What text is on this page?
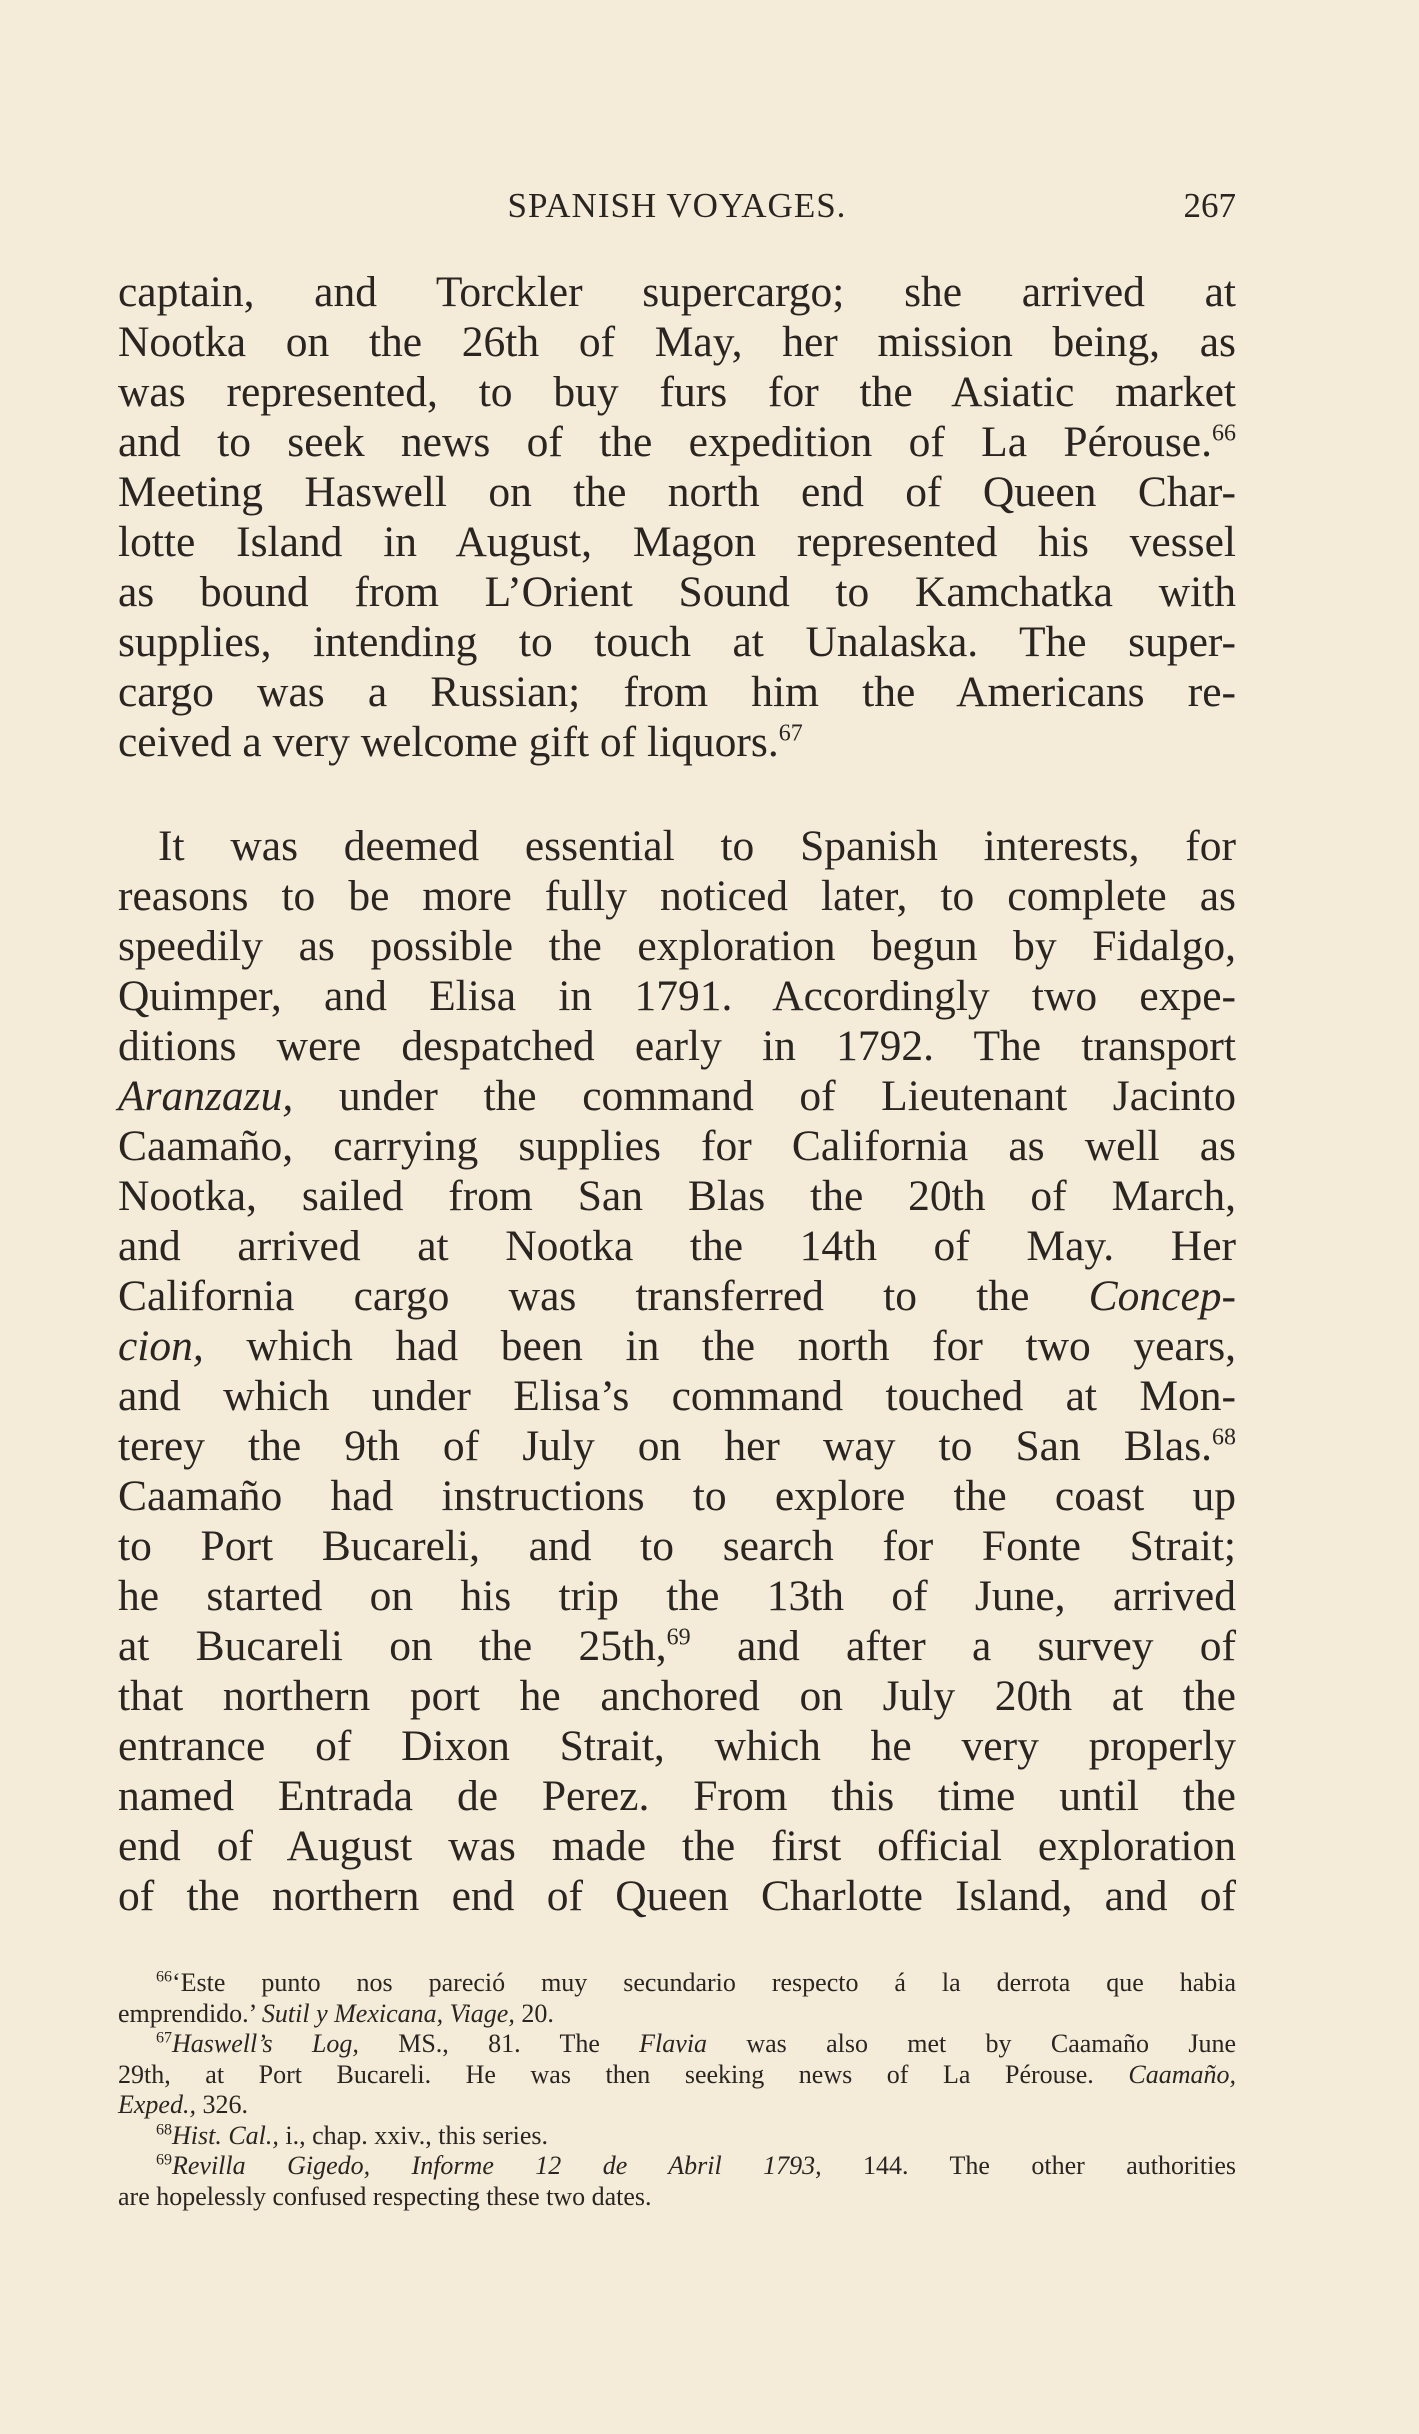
SPANISH VOYAGES.	267
captain, and Torckler supercargo; she arrived at
Nootka on the 26th of May, her mission being, as
was represented, to buy furs for the Asiatic market
and to seek news of the expedition of La Pérouse.$^{66}$
Meeting Haswell on the north end of Queen Char-
lotte Island in August, Magon represented his vessel
as bound from L’Orient Sound to Kamchatka with
supplies, intending to touch at Unalaska. The super-
cargo was a Russian; from him the Americans re-
ceived a very welcome gift of liquors.$^{67}$
It was deemed essential to Spanish interests, for
reasons to be more fully noticed later, to complete as
speedily as possible the exploration begun by Fidalgo,
Quimper, and Elisa in 1791. Accordingly two expe-
ditions were despatched early in 1792. The transport
Aranzazu, under the command of Lieutenant Jacinto
Caamaño, carrying supplies for California as well as
Nootka, sailed from San Blas the 20th of March,
and arrived at Nootka the 14th of May. Her
California cargo was transferred to the Concep-
cion, which had been in the north for two years,
and which under Elisa’s command touched at Mon-
terey the 9th of July on her way to San Blas.$^{68}$
Caamaño had instructions to explore the coast up
to Port Bucareli, and to search for Fonte Strait;
he started on his trip the 13th of June, arrived
at Bucareli on the 25th,$^{69}$ and after a survey of
that northern port he anchored on July 20th at the
entrance of Dixon Strait, which he very properly
named Entrada de Perez. From this time until the
end of August was made the first official exploration
of the northern end of Queen Charlotte Island, and of
$^{66}$‘Este punto nos pareció muy secundario respecto á la derrota que habia
emprendido.’ Sutil y Mexicana, Viage, 20.
$^{67}$Haswell’s Log, MS., 81. The Flavia was also met by Caamaño June
29th, at Port Bucareli. He was then seeking news of La Pérouse. Caamaño,
Exped., 326.
$^{68}$Hist. Cal., i., chap. xxiv., this series.
$^{69}$Revilla Gigedo, Informe 12 de Abril 1793, 144. The other authorities
are hopelessly confused respecting these two dates.
